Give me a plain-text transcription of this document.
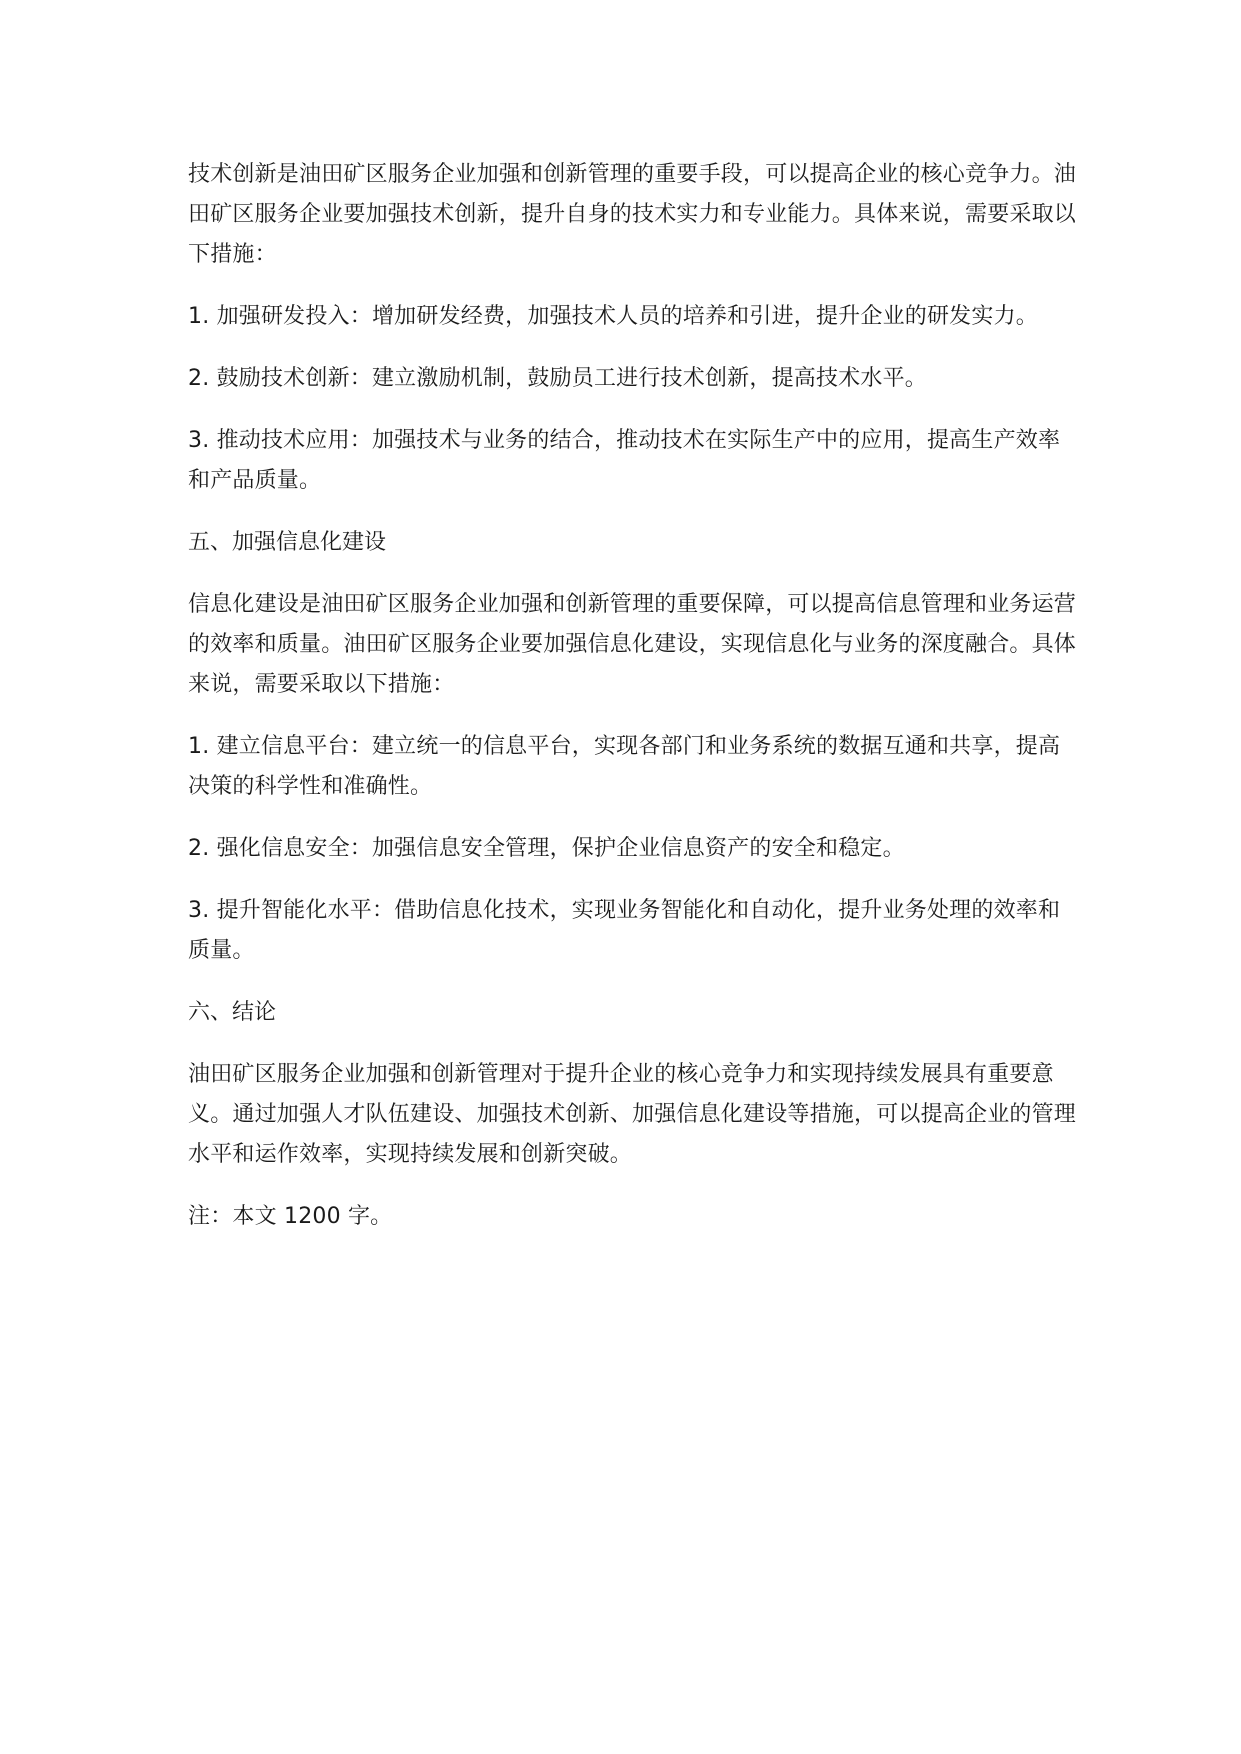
技术创新是油田矿区服务企业加强和创新管理的重要手段，可以提高企业的核心竞争力。油田矿区服务企业要加强技术创新，提升自身的技术实力和专业能力。具体来说，需要采取以下措施：

1. 加强研发投入：增加研发经费，加强技术人员的培养和引进，提升企业的研发实力。

2. 鼓励技术创新：建立激励机制，鼓励员工进行技术创新，提高技术水平。

3. 推动技术应用：加强技术与业务的结合，推动技术在实际生产中的应用，提高生产效率和产品质量。

五、加强信息化建设

信息化建设是油田矿区服务企业加强和创新管理的重要保障，可以提高信息管理和业务运营的效率和质量。油田矿区服务企业要加强信息化建设，实现信息化与业务的深度融合。具体来说，需要采取以下措施：

1. 建立信息平台：建立统一的信息平台，实现各部门和业务系统的数据互通和共享，提高决策的科学性和准确性。

2. 强化信息安全：加强信息安全管理，保护企业信息资产的安全和稳定。

3. 提升智能化水平：借助信息化技术，实现业务智能化和自动化，提升业务处理的效率和质量。

六、结论

油田矿区服务企业加强和创新管理对于提升企业的核心竞争力和实现持续发展具有重要意义。通过加强人才队伍建设、加强技术创新、加强信息化建设等措施，可以提高企业的管理水平和运作效率，实现持续发展和创新突破。

注：本文 1200 字。
